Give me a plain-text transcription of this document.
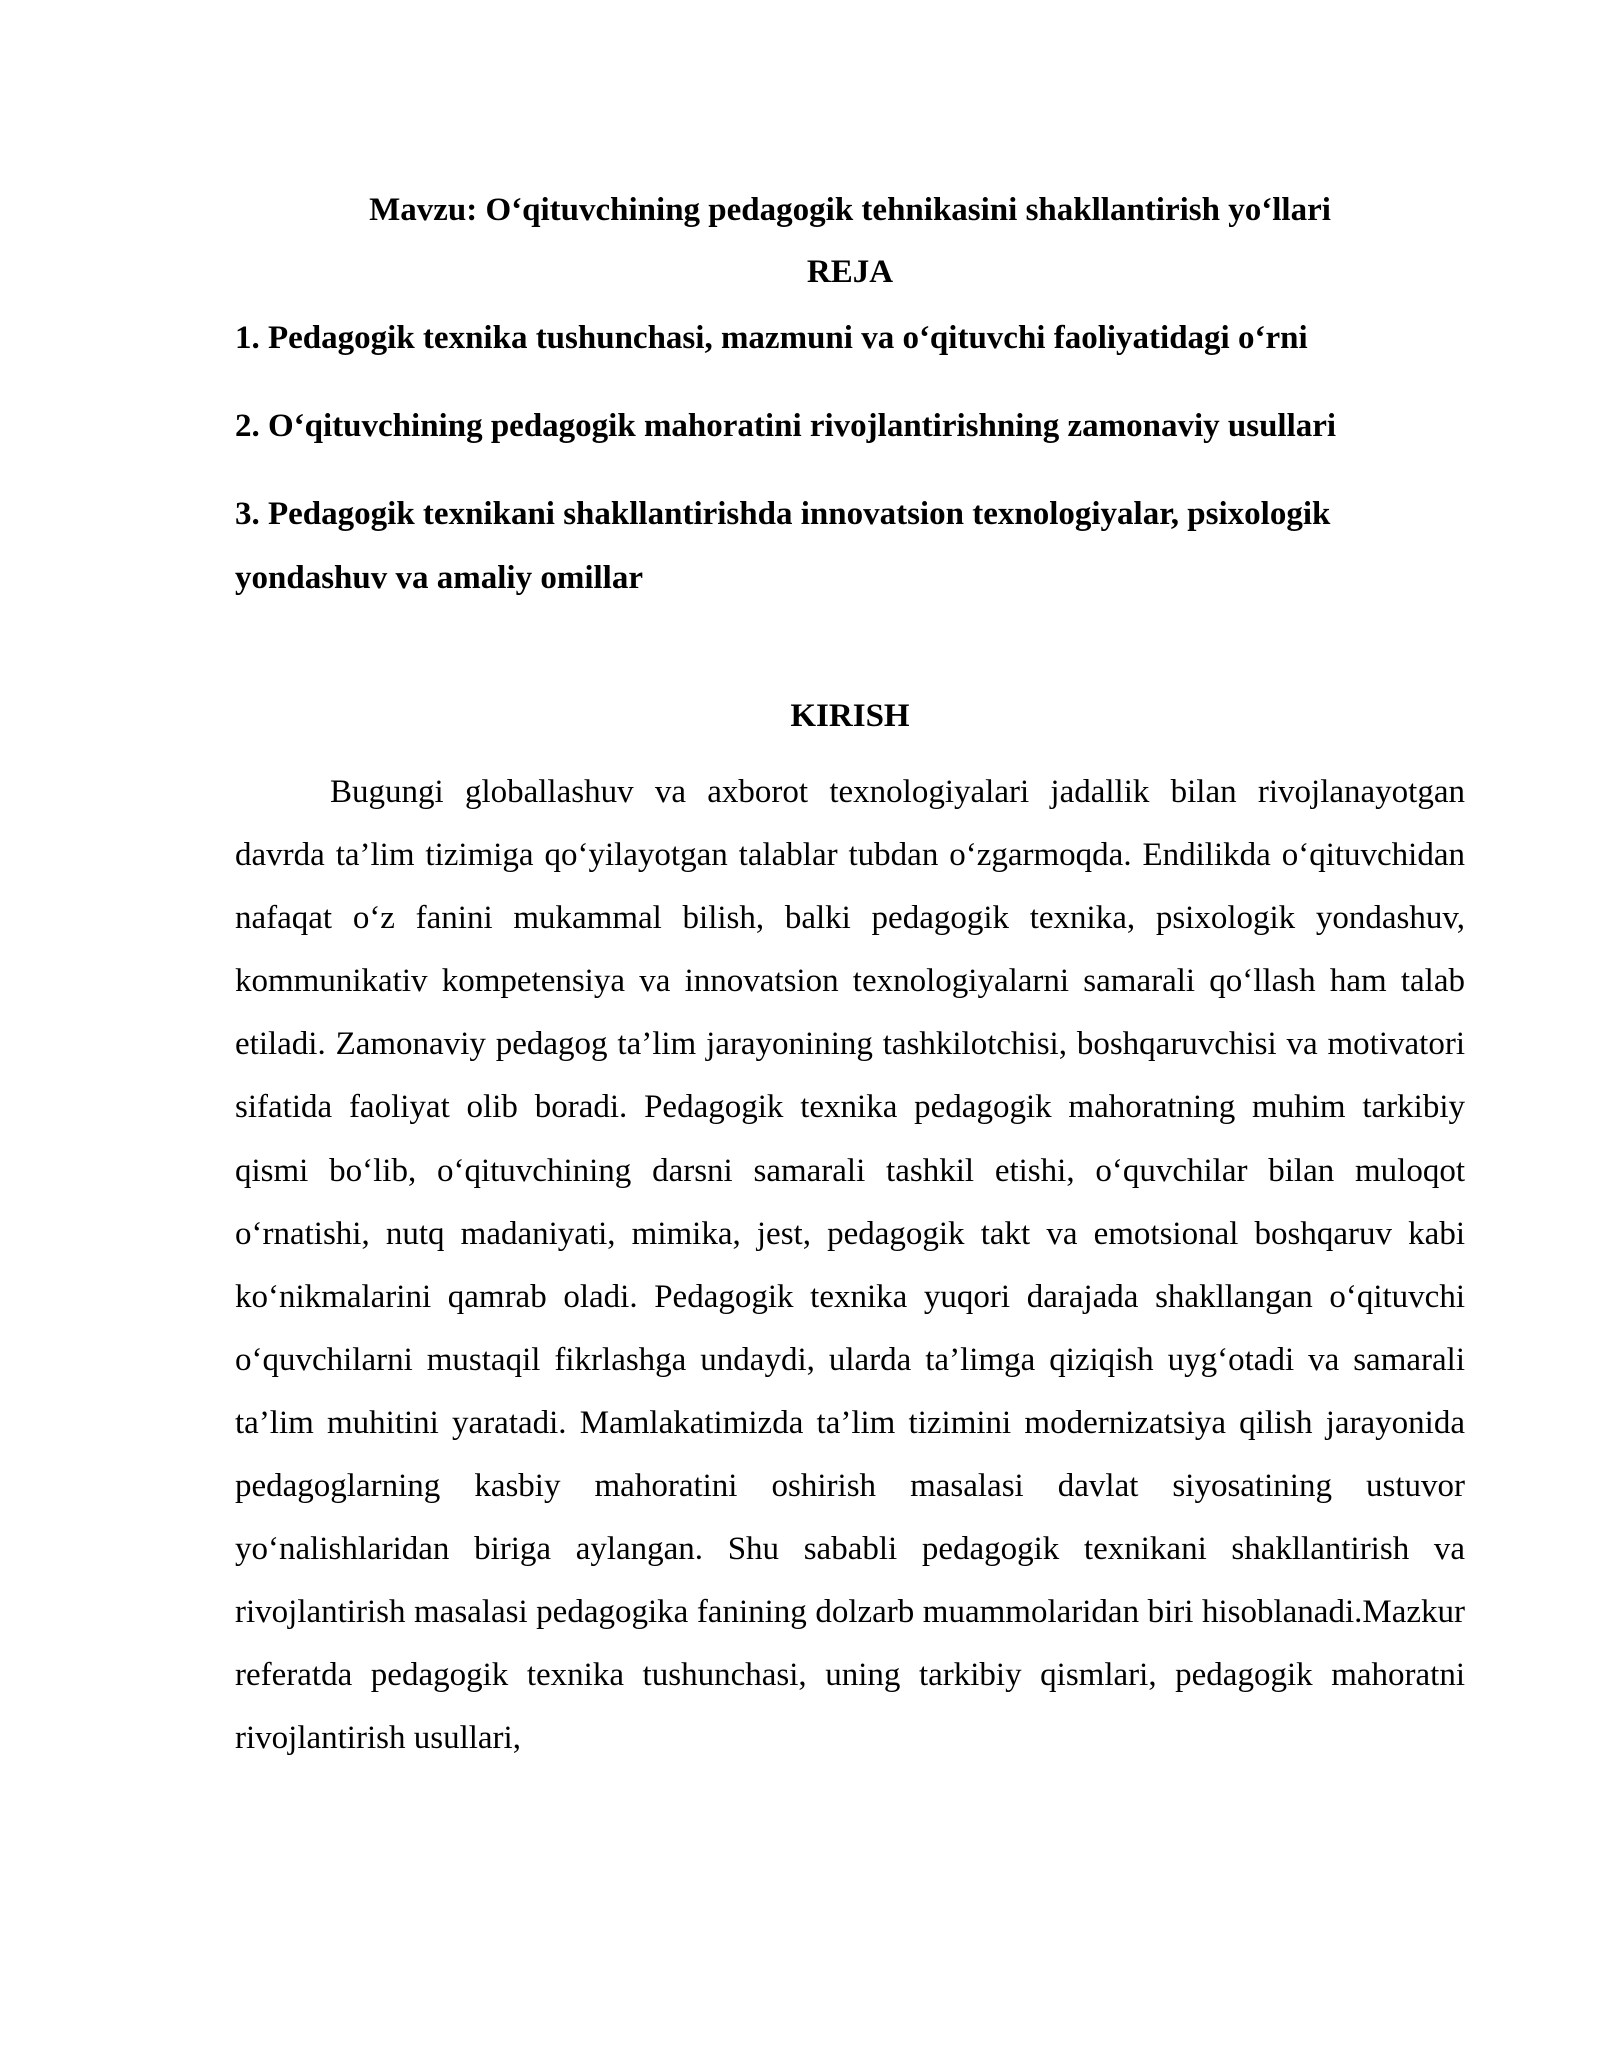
Mavzu: O‘qituvchining pedagogik tehnikasini shakllantirish yo‘llari
REJA

1. Pedagogik texnika tushunchasi, mazmuni va o‘qituvchi faoliyatidagi o‘rni

2. O‘qituvchining pedagogik mahoratini rivojlantirishning zamonaviy usullari

3. Pedagogik texnikani shakllantirishda innovatsion texnologiyalar, psixologik yondashuv va amaliy omillar

KIRISH

Bugungi globallashuv va axborot texnologiyalari jadallik bilan rivojlanayotgan davrda ta’lim tizimiga qo‘yilayotgan talablar tubdan o‘zgarmoqda. Endilikda o‘qituvchidan nafaqat o‘z fanini mukammal bilish, balki pedagogik texnika, psixologik yondashuv, kommunikativ kompetensiya va innovatsion texnologiyalarni samarali qo‘llash ham talab etiladi. Zamonaviy pedagog ta’lim jarayonining tashkilotchisi, boshqaruvchisi va motivatori sifatida faoliyat olib boradi. Pedagogik texnika pedagogik mahoratning muhim tarkibiy qismi bo‘lib, o‘qituvchining darsni samarali tashkil etishi, o‘quvchilar bilan muloqot o‘rnatishi, nutq madaniyati, mimika, jest, pedagogik takt va emotsional boshqaruv kabi ko‘nikmalarini qamrab oladi. Pedagogik texnika yuqori darajada shakllangan o‘qituvchi o‘quvchilarni mustaqil fikrlashga undaydi, ularda ta’limga qiziqish uyg‘otadi va samarali ta’lim muhitini yaratadi. Mamlakatimizda ta’lim tizimini modernizatsiya qilish jarayonida pedagoglarning kasbiy mahoratini oshirish masalasi davlat siyosatining ustuvor yo‘nalishlaridan biriga aylangan. Shu sababli pedagogik texnikani shakllantirish va rivojlantirish masalasi pedagogika fanining dolzarb muammolaridan biri hisoblanadi.Mazkur referatda pedagogik texnika tushunchasi, uning tarkibiy qismlari, pedagogik mahoratni rivojlantirish usullari,
